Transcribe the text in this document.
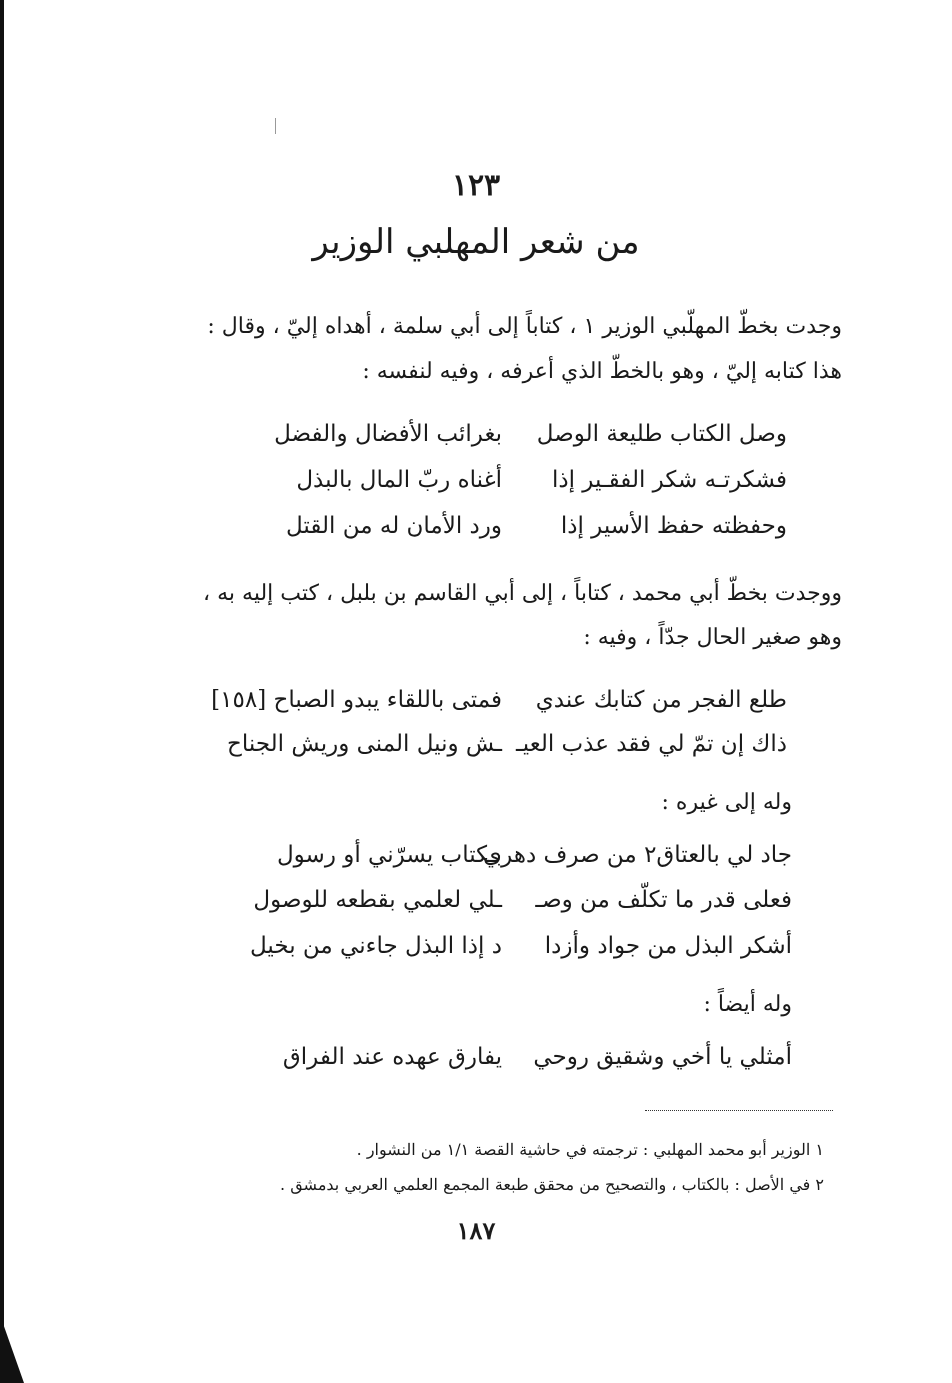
١٢٣
من شعر المهلبي الوزير
وجدت بخطّ المهلّبي الوزير ١ ، كتاباً إلى أبي سلمة ، أهداه إليّ ، وقال :
هذا كتابه إليّ ، وهو بالخطّ الذي أعرفه ، وفيه لنفسه :
وصل الكتاب طليعة الوصل
بغرائب الأفضال والفضل
فشكرتـه شكر الفقـير إذا
أغناه ربّ المال بالبذل
وحفظته حفظ الأسير إذا
ورد الأمان له من القتل
ووجدت بخطّ أبي محمد ، كتاباً ، إلى أبي القاسم بن بلبل ، كتب إليه به ،
وهو صغير الحال جدّاً ، وفيه :
طلع الفجر من كتابك عندي
فمتى باللقاء يبدو الصباح [١٥٨]
ذاك إن تمّ لي فقد عذب العيـ
ـش ونيل المنى وريش الجناح
وله إلى غيره :
جاد لي بالعتاق٢ من صرف دهري
بـكتاب يسرّني أو رسول
فعلى قدر ما تكلّف من وصـ
ـلي لعلمي بقطعه للوصول
أشكر البذل من جواد وأزدا
د إذا البذل جاءني من بخيل
وله أيضاً :
أمثلي يا أخي وشقيق روحي
يفارق عهده عند الفراق
١ الوزير أبو محمد المهلبي : ترجمته في حاشية القصة ١/١ من النشوار .
٢ في الأصل : بالكتاب ، والتصحيح من محقق طبعة المجمع العلمي العربي بدمشق .
١٨٧
